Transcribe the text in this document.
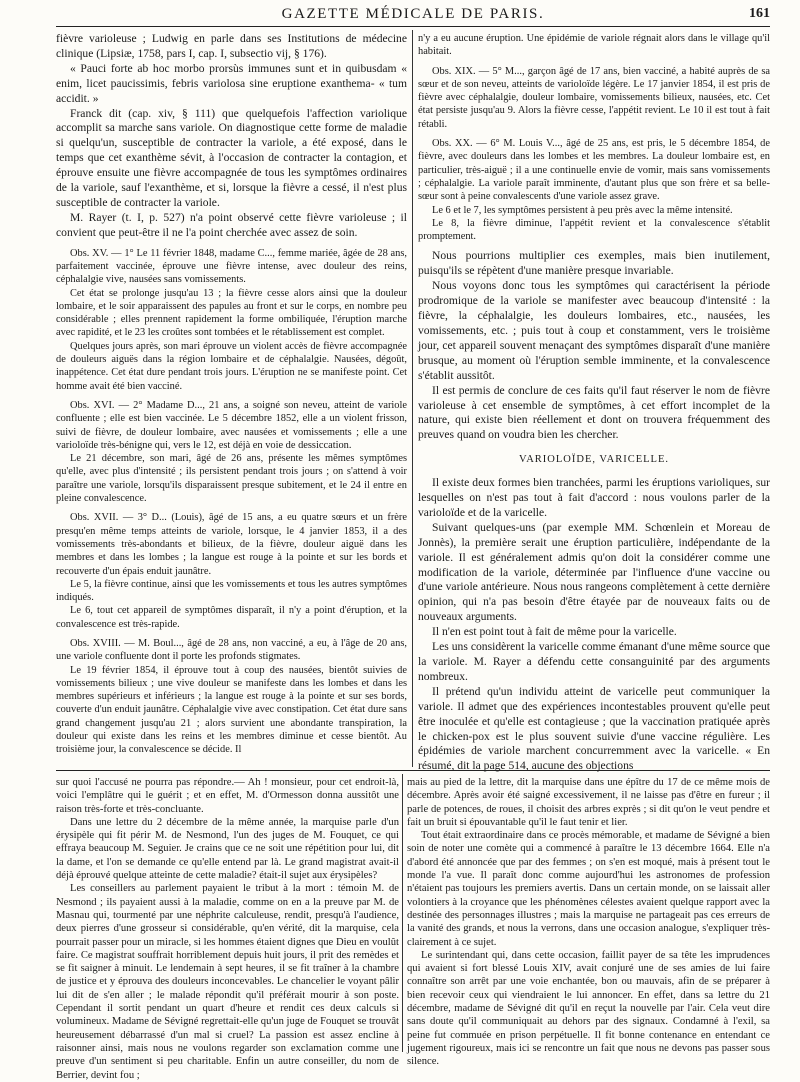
GAZETTE MÉDICALE DE PARIS.	161

fièvre varioleuse ; Ludwig en parle dans ses Institutions de médecine clinique (Lipsiæ, 1758, pars I, cap. I, subsectio vij, § 176).

« Pauci forte ab hoc morbo prorsùs immunes sunt et in quibusdam « enim, licet paucissimis, febris variolosa sine eruptione exanthema- « tum accidit. »

Franck dit (cap. xiv, § 111) que quelquefois l'affection variolique accomplit sa marche sans variole. On diagnostique cette forme de maladie si quelqu'un, susceptible de contracter la variole, a été exposé, dans le temps que cet exanthème sévit, à l'occasion de contracter la contagion, et éprouve ensuite une fièvre accompagnée de tous les symptômes ordinaires de la variole, sauf l'exanthème, et si, lorsque la fièvre a cessé, il n'est plus susceptible de contracter la variole.

M. Rayer (t. I, p. 527) n'a point observé cette fièvre varioleuse ; il convient que peut-être il ne l'a point cherchée avec assez de soin.

Obs. XV. — 1° Le 11 février 1848, madame C..., femme mariée, âgée de 28 ans, parfaitement vaccinée, éprouve une fièvre intense, avec douleur des reins, céphalalgie vive, nausées sans vomissements.

Cet état se prolonge jusqu'au 13 ; la fièvre cesse alors ainsi que la douleur lombaire, et le soir apparaissent des papules au front et sur le corps, en nombre peu considérable ; elles prennent rapidement la forme ombiliquée, l'éruption marche avec rapidité, et le 23 les croûtes sont tombées et le rétablissement est complet.

Quelques jours après, son mari éprouve un violent accès de fièvre accompagnée de douleurs aiguës dans la région lombaire et de céphalalgie. Nausées, dégoût, inappétence. Cet état dure pendant trois jours. L'éruption ne se manifeste point. Cet homme avait été bien vacciné.

Obs. XVI. — 2° Madame D..., 21 ans, a soigné son neveu, atteint de variole confluente ; elle est bien vaccinée. Le 5 décembre 1852, elle a un violent frisson, suivi de fièvre, de douleur lombaire, avec nausées et vomissements ; elle a une varioloïde très-bénigne qui, vers le 12, est déjà en voie de dessiccation.

Le 21 décembre, son mari, âgé de 26 ans, présente les mêmes symptômes qu'elle, avec plus d'intensité ; ils persistent pendant trois jours ; on s'attend à voir paraître une variole, lorsqu'ils disparaissent presque subitement, et le 24 il entre en pleine convalescence.

Obs. XVII. — 3° D... (Louis), âgé de 15 ans, a eu quatre sœurs et un frère presqu'en même temps atteints de variole, lorsque, le 4 janvier 1853, il a des vomissements très-abondants et bilieux, de la fièvre, douleur aiguë dans les membres et dans les lombes ; la langue est rouge à la pointe et sur les bords et recouverte d'un épais enduit jaunâtre.

Le 5, la fièvre continue, ainsi que les vomissements et tous les autres symptômes indiqués.

Le 6, tout cet appareil de symptômes disparaît, il n'y a point d'éruption, et la convalescence est très-rapide.

Obs. XVIII. — M. Boul..., âgé de 28 ans, non vacciné, a eu, à l'âge de 20 ans, une variole confluente dont il porte les profonds stigmates.

Le 19 février 1854, il éprouve tout à coup des nausées, bientôt suivies de vomissements bilieux ; une vive douleur se manifeste dans les lombes et dans les membres supérieurs et inférieurs ; la langue est rouge à la pointe et sur ses bords, couverte d'un enduit jaunâtre. Céphalalgie vive avec constipation. Cet état dure sans grand changement jusqu'au 21 ; alors survient une abondante transpiration, la douleur qui existe dans les reins et les membres diminue et cesse bientôt. Au troisième jour, la convalescence se décide. Il

n'y a eu aucune éruption. Une épidémie de variole régnait alors dans le village qu'il habitait.

Obs. XIX. — 5° M..., garçon âgé de 17 ans, bien vacciné, a habité auprès de sa sœur et de son neveu, atteints de varioloïde légère. Le 17 janvier 1854, il est pris de fièvre avec céphalalgie, douleur lombaire, vomissements bilieux, nausées, etc. Cet état persiste jusqu'au 9. Alors la fièvre cesse, l'appétit revient. Le 10 il est tout à fait rétabli.

Obs. XX. — 6° M. Louis V..., âgé de 25 ans, est pris, le 5 décembre 1854, de fièvre, avec douleurs dans les lombes et les membres. La douleur lombaire est, en particulier, très-aiguë ; il a une continuelle envie de vomir, mais sans vomissements ; céphalalgie. La variole paraît imminente, d'autant plus que son frère et sa belle-sœur sont à peine convalescents d'une variole assez grave.

Le 6 et le 7, les symptômes persistent à peu près avec la même intensité.

Le 8, la fièvre diminue, l'appétit revient et la convalescence s'établit promptement.

Nous pourrions multiplier ces exemples, mais bien inutilement, puisqu'ils se répètent d'une manière presque invariable.

Nous voyons donc tous les symptômes qui caractérisent la période prodromique de la variole se manifester avec beaucoup d'intensité : la fièvre, la céphalalgie, les douleurs lombaires, etc., nausées, les vomissements, etc. ; puis tout à coup et constamment, vers le troisième jour, cet appareil souvent menaçant des symptômes disparaît d'une manière brusque, au moment où l'éruption semble imminente, et la convalescence s'établit aussitôt.

Il est permis de conclure de ces faits qu'il faut réserver le nom de fièvre varioleuse à cet ensemble de symptômes, à cet effort incomplet de la nature, qui existe bien réellement et dont on trouvera fréquemment des preuves quand on voudra bien les chercher.

VARIOLOÏDE, VARICELLE.

Il existe deux formes bien tranchées, parmi les éruptions varioliques, sur lesquelles on n'est pas tout à fait d'accord : nous voulons parler de la varioloïde et de la varicelle.

Suivant quelques-uns (par exemple MM. Schœnlein et Moreau de Jonnès), la première serait une éruption particulière, indépendante de la variole. Il est généralement admis qu'on doit la considérer comme une modification de la variole, déterminée par l'influence d'une vaccine ou d'une variole antérieure. Nous nous rangeons complètement à cette dernière opinion, qui n'a pas besoin d'être étayée par de nouveaux faits ou de nouveaux arguments.

Il n'en est point tout à fait de même pour la varicelle.

Les uns considèrent la varicelle comme émanant d'une même source que la variole. M. Rayer a défendu cette consanguinité par des arguments nombreux.

Il prétend qu'un individu atteint de varicelle peut communiquer la variole. Il admet que des expériences incontestables prouvent qu'elle peut être inoculée et qu'elle est contagieuse ; que la vaccination pratiquée après le chicken-pox est le plus souvent suivie d'une vaccine régulière. Les épidémies de variole marchent concurremment avec la varicelle. « En résumé, dit la page 514, aucune des objections

sur quoi l'accusé ne pourra pas répondre.— Ah ! monsieur, pour cet endroit-là, voici l'emplâtre qui le guérit ; et en effet, M. d'Ormesson donna aussitôt une raison très-forte et très-concluante.

Dans une lettre du 2 décembre de la même année, la marquise parle d'un érysipèle qui fit périr M. de Nesmond, l'un des juges de M. Fouquet, ce qui effraya beaucoup M. Seguier. Je crains que ce ne soit une répétition pour lui, dit la dame, et l'on se demande ce qu'elle entend par là. Le grand magistrat avait-il déjà éprouvé quelque atteinte de cette maladie? était-il sujet aux érysipèles?

Les conseillers au parlement payaient le tribut à la mort : témoin M. de Nesmond ; ils payaient aussi à la maladie, comme on en a la preuve par M. de Masnau qui, tourmenté par une néphrite calculeuse, rendit, presqu'à l'audience, deux pierres d'une grosseur si considérable, qu'en vérité, dit la marquise, cela pourrait passer pour un miracle, si les hommes étaient dignes que Dieu en voulût faire. Ce magistrat souffrait horriblement depuis huit jours, il prit des remèdes et se fit saigner à minuit. Le lendemain à sept heures, il se fit traîner à la chambre de justice et y éprouva des douleurs inconcevables. Le chancelier le voyant pâlir lui dit de s'en aller ; le malade répondit qu'il préférait mourir à son poste. Cependant il sortit pendant un quart d'heure et rendit ces deux calculs si volumineux. Madame de Sévigné regrettait-elle qu'un juge de Fouquet se trouvât heureusement débarrassé d'un mal si cruel? La passion est assez encline à raisonner ainsi, mais nous ne voulons regarder son exclamation comme une preuve d'un sentiment si peu charitable. Enfin un autre conseiller, du nom de Berrier, devint fou ;

mais au pied de la lettre, dit la marquise dans une épître du 17 de ce même mois de décembre. Après avoir été saigné excessivement, il ne laisse pas d'être en fureur ; il parle de potences, de roues, il choisit des arbres exprès ; si dit qu'on le veut pendre et fait un bruit si épouvantable qu'il le faut tenir et lier.

Tout était extraordinaire dans ce procès mémorable, et madame de Sévigné a bien soin de noter une comète qui a commencé à paraître le 13 décembre 1664. Elle n'a d'abord été annoncée que par des femmes ; on s'en est moqué, mais à présent tout le monde l'a vue. Il paraît donc comme aujourd'hui les astronomes de profession n'étaient pas toujours les premiers avertis. Dans un certain monde, on se laissait aller volontiers à la croyance que les phénomènes célestes avaient quelque rapport avec la destinée des personnages illustres ; mais la marquise ne partageait pas ces erreurs de la vanité des grands, et nous la verrons, dans une occasion analogue, s'expliquer très-clairement à ce sujet.

Le surintendant qui, dans cette occasion, faillit payer de sa tête les imprudences qui avaient si fort blessé Louis XIV, avait conjuré une de ses amies de lui faire connaître son arrêt par une voie enchantée, bon ou mauvais, afin de se préparer à bien recevoir ceux qui viendraient le lui annoncer. En effet, dans sa lettre du 21 décembre, madame de Sévigné dit qu'il en reçut la nouvelle par l'air. Cela veut dire sans doute qu'il communiquait au dehors par des signaux. Condamné à l'exil, sa peine fut commuée en prison perpétuelle. Il fit bonne contenance en entendant ce jugement rigoureux, mais ici se rencontre un fait que nous ne devons pas passer sous silence.
